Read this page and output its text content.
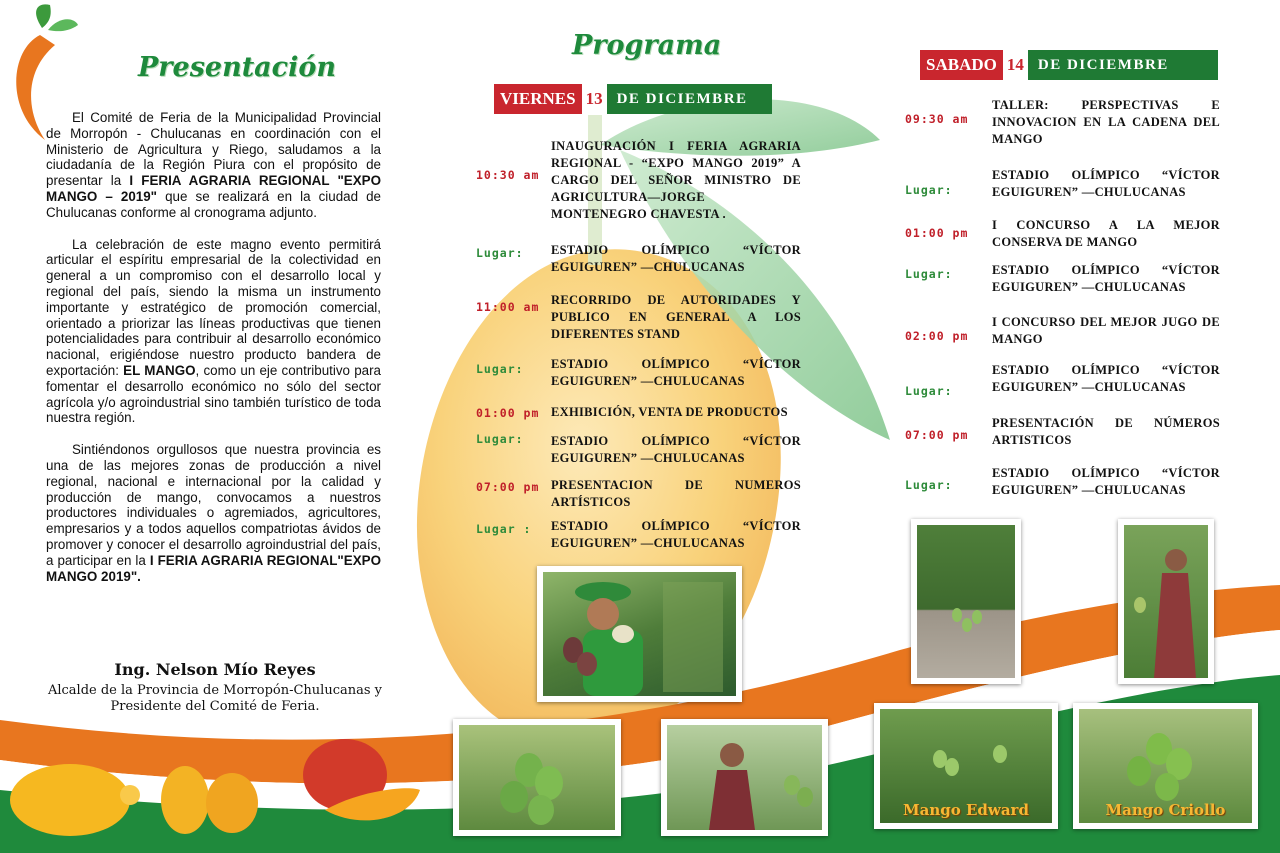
Presentación

El Comité de Feria de la Municipalidad Provincial de Morropón - Chulucanas en coordinación con el Ministerio de Agricultura y Riego, saludamos a la ciudadanía de la Región Piura con el propósito de presentar la I FERIA AGRARIA REGIONAL "EXPO MANGO – 2019" que se realizará en la ciudad de Chulucanas conforme al cronograma adjunto.

La celebración de este magno evento permitirá articular el espíritu empresarial de la colectividad en general a un compromiso con el desarrollo local y regional del país, siendo la misma un instrumento importante y estratégico de promoción comercial, orientado a priorizar las líneas productivas que tienen potencialidades para contribuir al desarrollo económico nacional, erigiéndose nuestro producto bandera de exportación: EL MANGO, como un eje contributivo para fomentar el desarrollo económico no sólo del sector agrícola y/o agroindustrial sino también turístico de toda nuestra región.

Sintiéndonos orgullosos que nuestra provincia es una de las mejores zonas de producción a nivel regional, nacional e internacional por la calidad y producción de mango, convocamos a nuestros productores individuales o agremiados, agricultores, empresarios y a todos aquellos compatriotas ávidos de promover y conocer el desarrollo agroindustrial del país, a participar en la I FERIA AGRARIA REGIONAL"EXPO MANGO 2019".

Ing. Nelson Mío Reyes
Alcalde de la Provincia de Morropón-Chulucanas y
Presidente del Comité de Feria.
Programa
VIERNES 13 DE DICIEMBRE
10:30 am
INAUGURACIÓN I FERIA AGRARIA REGIONAL - “EXPO MANGO 2019” A CARGO DEL SEÑOR MINISTRO DE AGRICULTURA—JORGE MONTENEGRO CHAVESTA .
Lugar: ESTADIO OLÍMPICO “VÍCTOR EGUIGUREN” —CHULUCANAS
11:00 am RECORRIDO DE AUTORIDADES Y PUBLICO EN GENERAL A LOS DIFERENTES STAND
Lugar: ESTADIO OLÍMPICO “VÍCTOR EGUIGUREN” —CHULUCANAS
01:00 pm EXHIBICIÓN, VENTA DE PRODUCTOS
Lugar: ESTADIO OLÍMPICO “VÍCTOR EGUIGUREN” —CHULUCANAS
07:00 pm PRESENTACION DE NUMEROS ARTÍSTICOS
Lugar : ESTADIO OLÍMPICO “VÍCTOR EGUIGUREN” —CHULUCANAS
SABADO 14 DE DICIEMBRE
09:30 am
TALLER: PERSPECTIVAS E INNOVACION EN LA CADENA DEL MANGO
Lugar:
ESTADIO OLÍMPICO “VÍCTOR EGUIGUREN” —CHULUCANAS
01:00 pm
I CONCURSO A LA MEJOR CONSERVA DE MANGO
Lugar:	ESTADIO OLÍMPICO “VÍCTOR EGUIGUREN” —CHULUCANAS
02:00 pm
I CONCURSO DEL MEJOR JUGO DE MANGO
Lugar:
ESTADIO OLÍMPICO “VÍCTOR EGUIGUREN” —CHULUCANAS
07:00 pm
PRESENTACIÓN DE NÚMEROS ARTISTICOS
Lugar:
ESTADIO OLÍMPICO “VÍCTOR EGUIGUREN” —CHULUCANAS
Mango Edward	Mango Criollo
